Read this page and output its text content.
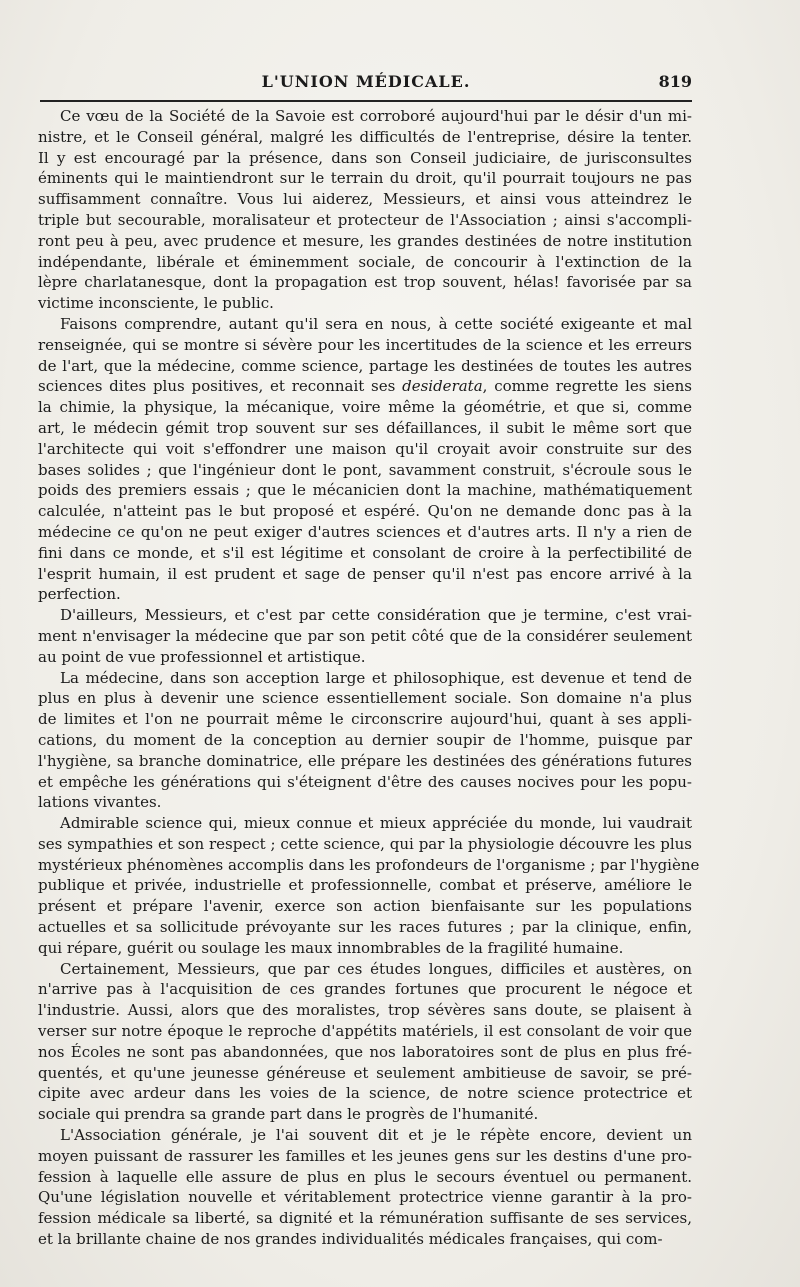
L'UNION MÉDICALE.	819
Ce vœu de la Société de la Savoie est corroboré aujourd'hui par le désir d'un mi-
nistre, et le Conseil général, malgré les difficultés de l'entreprise, désire la tenter.
Il y est encouragé par la présence, dans son Conseil judiciaire, de jurisconsultes
éminents qui le maintiendront sur le terrain du droit, qu'il pourrait toujours ne pas
suffisamment connaître. Vous lui aiderez, Messieurs, et ainsi vous atteindrez le
triple but secourable, moralisateur et protecteur de l'Association ; ainsi s'accompli-
ront peu à peu, avec prudence et mesure, les grandes destinées de notre institution
indépendante, libérale et éminemment sociale, de concourir à l'extinction de la
lèpre charlatanesque, dont la propagation est trop souvent, hélas! favorisée par sa
victime inconsciente, le public.
Faisons comprendre, autant qu'il sera en nous, à cette société exigeante et mal
renseignée, qui se montre si sévère pour les incertitudes de la science et les erreurs
de l'art, que la médecine, comme science, partage les destinées de toutes les autres
sciences dites plus positives, et reconnait ses desiderata, comme regrette les siens
la chimie, la physique, la mécanique, voire même la géométrie, et que si, comme
art, le médecin gémit trop souvent sur ses défaillances, il subit le même sort que
l'architecte qui voit s'effondrer une maison qu'il croyait avoir construite sur des
bases solides ; que l'ingénieur dont le pont, savamment construit, s'écroule sous le
poids des premiers essais ; que le mécanicien dont la machine, mathématiquement
calculée, n'atteint pas le but proposé et espéré. Qu'on ne demande donc pas à la
médecine ce qu'on ne peut exiger d'autres sciences et d'autres arts. Il n'y a rien de
fini dans ce monde, et s'il est légitime et consolant de croire à la perfectibilité de
l'esprit humain, il est prudent et sage de penser qu'il n'est pas encore arrivé à la
perfection.
D'ailleurs, Messieurs, et c'est par cette considération que je termine, c'est vrai-
ment n'envisager la médecine que par son petit côté que de la considérer seulement
au point de vue professionnel et artistique.
La médecine, dans son acception large et philosophique, est devenue et tend de
plus en plus à devenir une science essentiellement sociale. Son domaine n'a plus
de limites et l'on ne pourrait même le circonscrire aujourd'hui, quant à ses appli-
cations, du moment de la conception au dernier soupir de l'homme, puisque par
l'hygiène, sa branche dominatrice, elle prépare les destinées des générations futures
et empêche les générations qui s'éteignent d'être des causes nocives pour les popu-
lations vivantes.
Admirable science qui, mieux connue et mieux appréciée du monde, lui vaudrait
ses sympathies et son respect ; cette science, qui par la physiologie découvre les plus
mystérieux phénomènes accomplis dans les profondeurs de l'organisme ; par l'hygiène
publique et privée, industrielle et professionnelle, combat et préserve, améliore le
présent et prépare l'avenir, exerce son action bienfaisante sur les populations
actuelles et sa sollicitude prévoyante sur les races futures ; par la clinique, enfin,
qui répare, guérit ou soulage les maux innombrables de la fragilité humaine.
Certainement, Messieurs, que par ces études longues, difficiles et austères, on
n'arrive pas à l'acquisition de ces grandes fortunes que procurent le négoce et
l'industrie. Aussi, alors que des moralistes, trop sévères sans doute, se plaisent à
verser sur notre époque le reproche d'appétits matériels, il est consolant de voir que
nos Écoles ne sont pas abandonnées, que nos laboratoires sont de plus en plus fré-
quentés, et qu'une jeunesse généreuse et seulement ambitieuse de savoir, se pré-
cipite avec ardeur dans les voies de la science, de notre science protectrice et
sociale qui prendra sa grande part dans le progrès de l'humanité.
L'Association générale, je l'ai souvent dit et je le répète encore, devient un
moyen puissant de rassurer les familles et les jeunes gens sur les destins d'une pro-
fession à laquelle elle assure de plus en plus le secours éventuel ou permanent.
Qu'une législation nouvelle et véritablement protectrice vienne garantir à la pro-
fession médicale sa liberté, sa dignité et la rémunération suffisante de ses services,
et la brillante chaine de nos grandes individualités médicales françaises, qui com-
